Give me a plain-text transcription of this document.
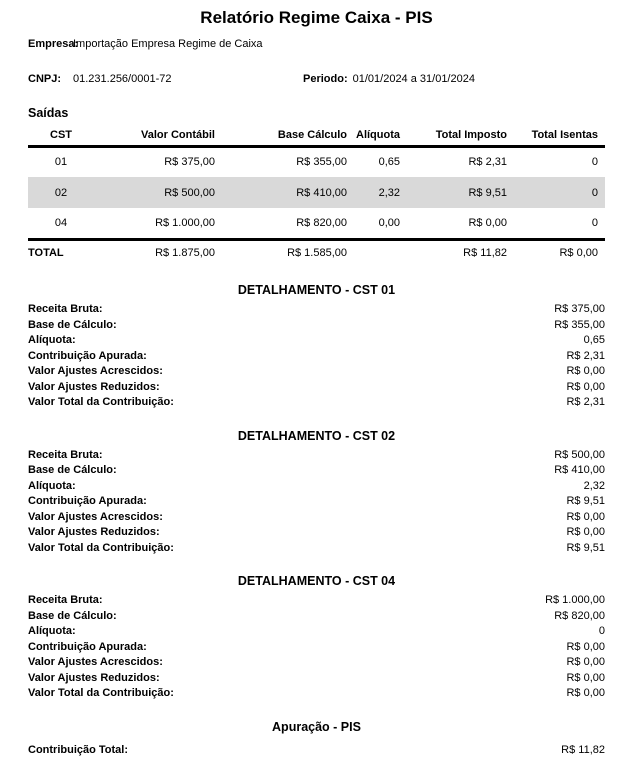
Relatório Regime Caixa - PIS
Empresa:
Importação Empresa Regime de Caixa
CNPJ:	01.231.256/0001-72	Periodo: 01/01/2024 a 31/01/2024
Saídas
CST	Valor Contábil	Base Cálculo	Alíquota	Total Imposto	Total Isentas
01	R$ 375,00	R$ 355,00	0,65	R$ 2,31	0
02	R$ 500,00	R$ 410,00	2,32	R$ 9,51	0
04	R$ 1.000,00	R$ 820,00	0,00	R$ 0,00	0
TOTAL	R$ 1.875,00	R$ 1.585,00		R$ 11,82	R$ 0,00
DETALHAMENTO - CST 01
Receita Bruta:	R$ 375,00
Base de Cálculo:	R$ 355,00
Alíquota:	0,65
Contribuição Apurada:	R$ 2,31
Valor Ajustes Acrescidos:	R$ 0,00
Valor Ajustes Reduzidos:	R$ 0,00
Valor Total da Contribuição:	R$ 2,31
DETALHAMENTO - CST 02
Receita Bruta:	R$ 500,00
Base de Cálculo:	R$ 410,00
Alíquota:	2,32
Contribuição Apurada:	R$ 9,51
Valor Ajustes Acrescidos:	R$ 0,00
Valor Ajustes Reduzidos:	R$ 0,00
Valor Total da Contribuição:	R$ 9,51
DETALHAMENTO - CST 04
Receita Bruta:	R$ 1.000,00
Base de Cálculo:	R$ 820,00
Alíquota:	0
Contribuição Apurada:	R$ 0,00
Valor Ajustes Acrescidos:	R$ 0,00
Valor Ajustes Reduzidos:	R$ 0,00
Valor Total da Contribuição:	R$ 0,00
Apuração - PIS
Contribuição Total:	R$ 11,82
